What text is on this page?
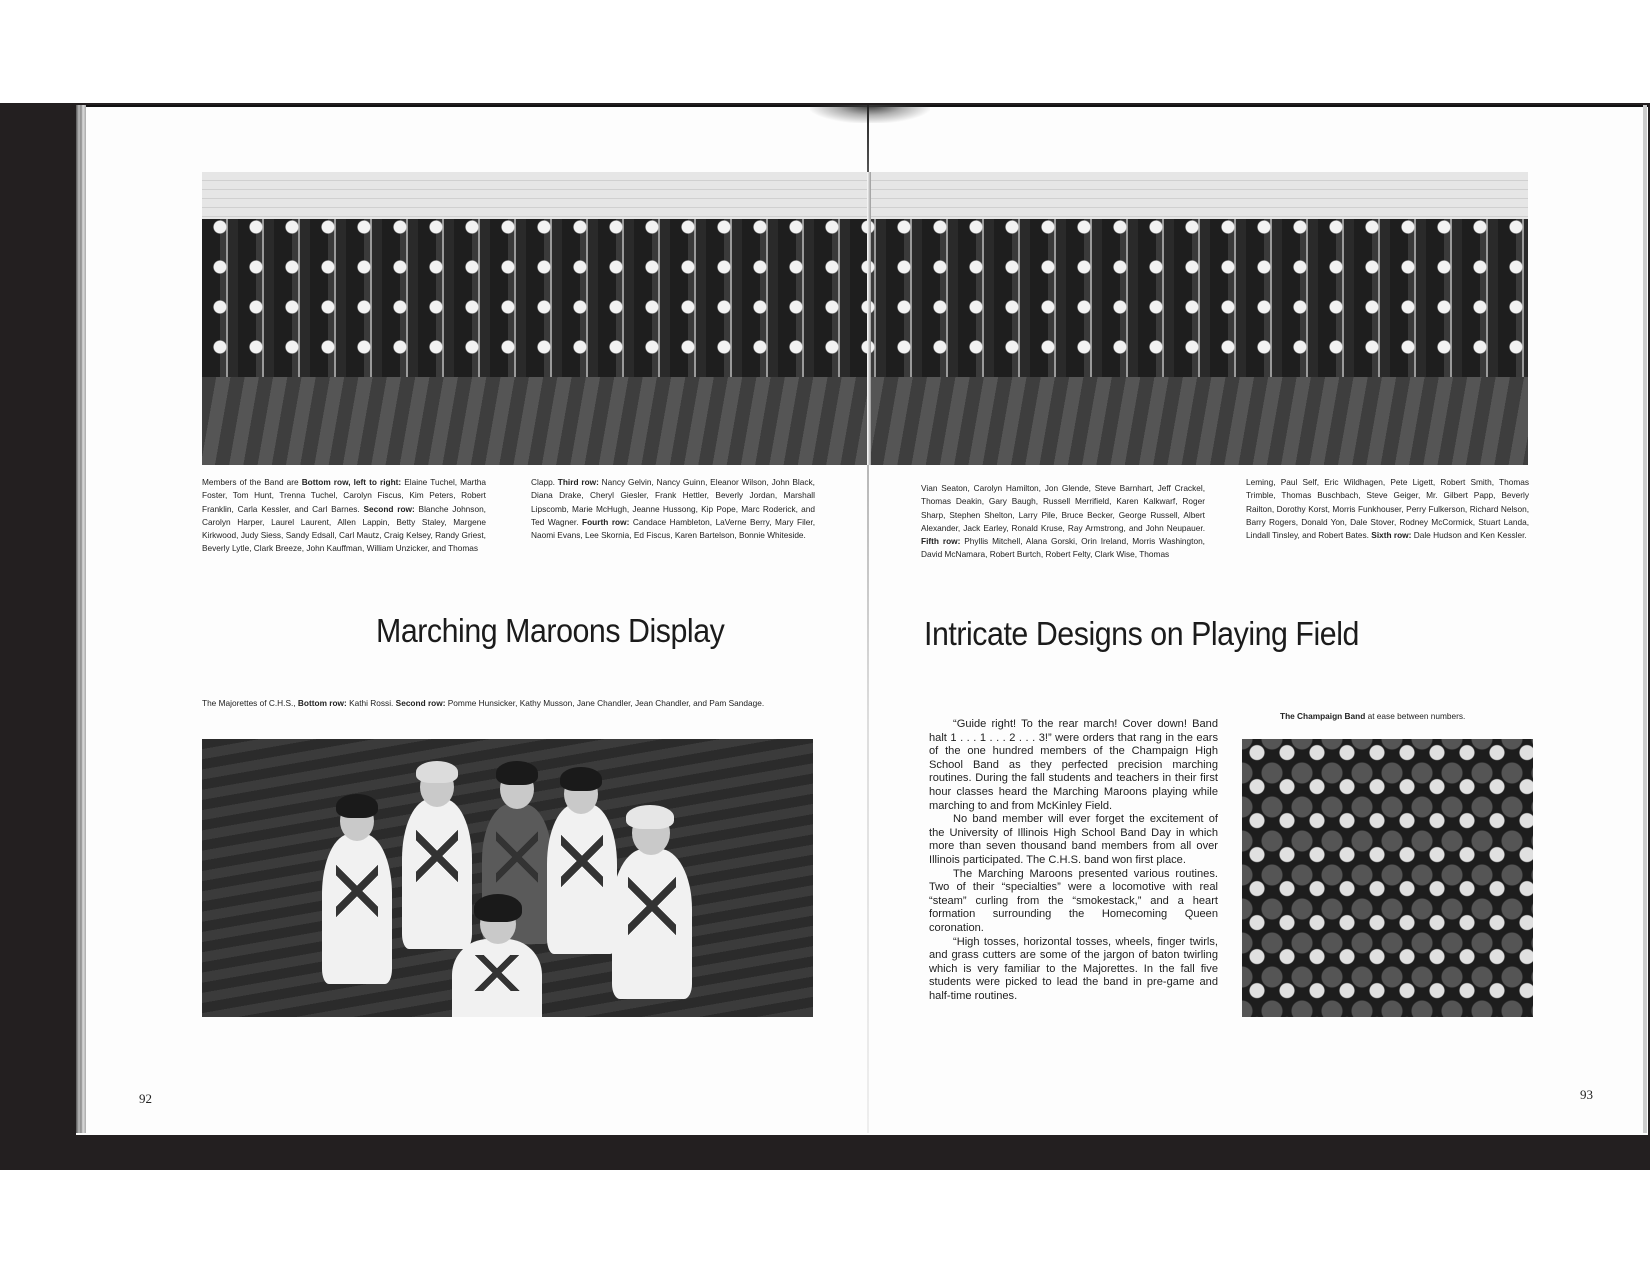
Members of the Band are Bottom row, left to right: Elaine Tuchel, Martha Foster, Tom Hunt, Trenna Tuchel, Carolyn Fiscus, Kim Peters, Robert Franklin, Carla Kessler, and Carl Barnes. Second row: Blanche Johnson, Carolyn Harper, Laurel Laurent, Allen Lappin, Betty Staley, Margene Kirkwood, Judy Siess, Sandy Edsall, Carl Mautz, Craig Kelsey, Randy Griest, Beverly Lytle, Clark Breeze, John Kauffman, William Unzicker, and Thomas
Clapp. Third row: Nancy Gelvin, Nancy Guinn, Eleanor Wilson, John Black, Diana Drake, Cheryl Giesler, Frank Hettler, Beverly Jordan, Marshall Lipscomb, Marie McHugh, Jeanne Hussong, Kip Pope, Marc Roderick, and Ted Wagner. Fourth row: Candace Hambleton, LaVerne Berry, Mary Filer, Naomi Evans, Lee Skornia, Ed Fiscus, Karen Bartelson, Bonnie Whiteside.
Vian Seaton, Carolyn Hamilton, Jon Glende, Steve Barnhart, Jeff Crackel, Thomas Deakin, Gary Baugh, Russell Merrifield, Karen Kalkwarf, Roger Sharp, Stephen Shelton, Larry Pile, Bruce Becker, George Russell, Albert Alexander, Jack Earley, Ronald Kruse, Ray Armstrong, and John Neupauer. Fifth row: Phyllis Mitchell, Alana Gorski, Orin Ireland, Morris Washington, David McNamara, Robert Burtch, Robert Felty, Clark Wise, Thomas
Leming, Paul Self, Eric Wildhagen, Pete Ligett, Robert Smith, Thomas Trimble, Thomas Buschbach, Steve Geiger, Mr. Gilbert Papp, Beverly Railton, Dorothy Korst, Morris Funkhouser, Perry Fulkerson, Richard Nelson, Barry Rogers, Donald Yon, Dale Stover, Rodney McCormick, Stuart Landa, Lindall Tinsley, and Robert Bates. Sixth row: Dale Hudson and Ken Kessler.
Marching Maroons Display	Intricate Designs on Playing Field
The Majorettes of C.H.S., Bottom row: Kathi Rossi. Second row: Pomme Hunsicker, Kathy Musson, Jane Chandler, Jean Chandler, and Pam Sandage.

“Guide right! To the rear march! Cover down! Band halt 1 . . . 1 . . . 2 . . . 3!” were orders that rang in the ears of the one hundred members of the Champaign High School Band as they perfected precision marching routines. During the fall students and teachers in their first hour classes heard the Marching Maroons playing while marching to and from McKinley Field.

No band member will ever forget the excitement of the University of Illinois High School Band Day in which more than seven thousand band members from all over Illinois participated. The C.H.S. band won first place.

The Marching Maroons presented various routines. Two of their “specialties” were a locomotive with real “steam” curling from the “smokestack,” and a heart formation surrounding the Homecoming Queen coronation.

“High tosses, horizontal tosses, wheels, finger twirls, and grass cutters are some of the jargon of baton twirling which is very familiar to the Majorettes. In the fall five students were picked to lead the band in pre-game and half-time routines.

The Champaign Band at ease between numbers.
92	93
